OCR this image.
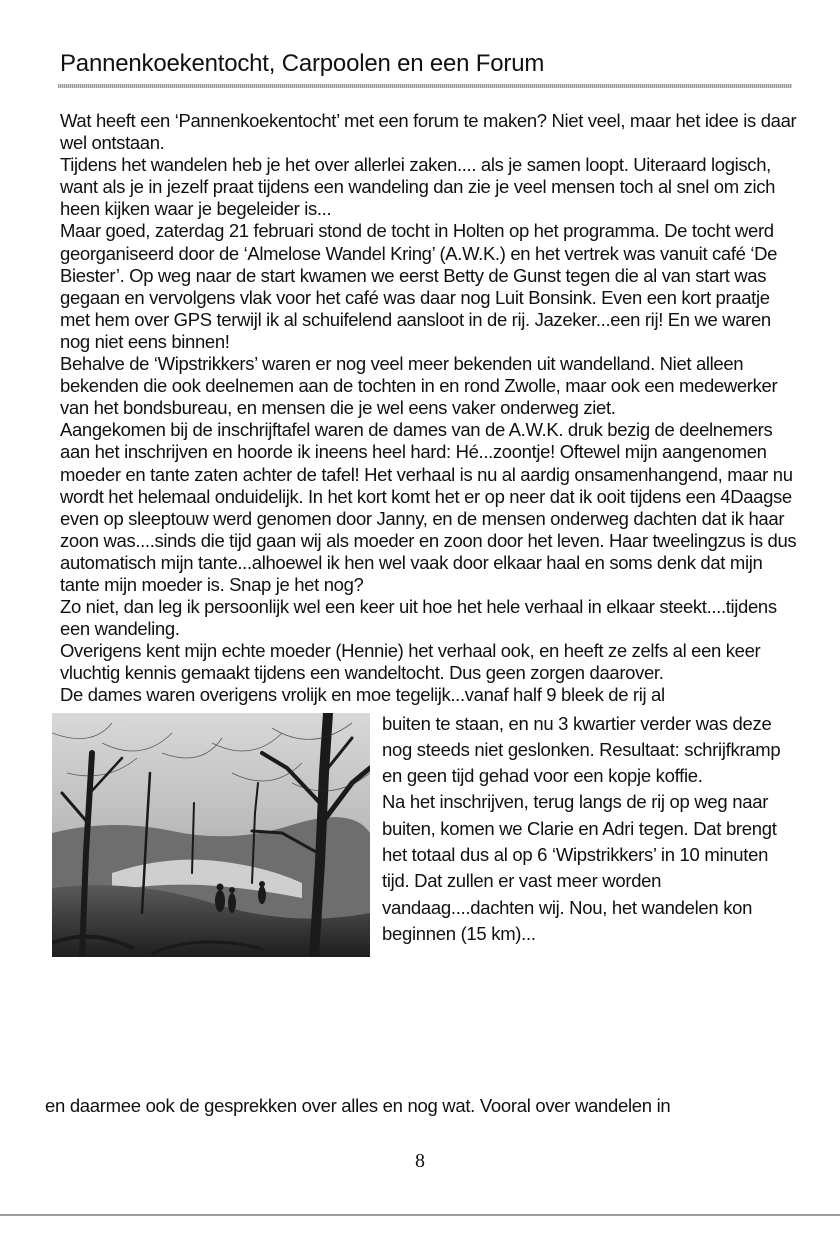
Pannenkoekentocht, Carpoolen en een Forum

Wat heeft een ‘Pannenkoekentocht’ met een forum te maken? Niet veel, maar het idee is daar wel ontstaan.

Tijdens het wandelen heb je het over allerlei zaken.... als je samen loopt. Uiteraard logisch, want als je in jezelf praat tijdens een wandeling dan zie je veel mensen toch al snel om zich heen kijken waar je begeleider is...

Maar goed, zaterdag 21 februari stond de tocht in Holten op het programma. De tocht werd georganiseerd door de ‘Almelose Wandel Kring’ (A.W.K.) en het vertrek was vanuit café ‘De Biester’. Op weg naar de start kwamen we eerst Betty de Gunst tegen die al van start was gegaan en vervolgens vlak voor het café was daar nog Luit Bonsink. Even een kort praatje met hem over GPS terwijl ik al schuifelend aansloot in de rij. Jazeker...een rij! En we waren nog niet eens binnen!

Behalve de ‘Wipstrikkers’ waren er nog veel meer bekenden uit wandelland. Niet alleen bekenden die ook deelnemen aan de tochten in en rond Zwolle, maar ook een medewerker van het bondsbureau, en mensen die je wel eens vaker onderweg ziet.

Aangekomen bij de inschrijftafel waren de dames van de A.W.K. druk bezig de deelnemers aan het inschrijven en hoorde ik ineens heel hard: Hé...zoontje! Oftewel mijn aangenomen moeder en tante zaten achter de tafel! Het verhaal is nu al aardig onsamenhangend, maar nu wordt het helemaal onduidelijk. In het kort komt het er op neer dat ik ooit tijdens een 4Daagse even op sleeptouw werd genomen door Janny, en de mensen onderweg dachten dat ik haar zoon was....sinds die tijd gaan wij als moeder en zoon door het leven. Haar tweelingzus is dus automatisch mijn tante...alhoewel ik hen wel vaak door elkaar haal en soms denk dat mijn tante mijn moeder is. Snap je het nog?

Zo niet, dan leg ik persoonlijk wel een keer uit hoe het hele verhaal in elkaar steekt....tijdens een wandeling.

Overigens kent mijn echte moeder (Hennie) het verhaal ook, en heeft ze zelfs al een keer vluchtig kennis gemaakt tijdens een wandeltocht. Dus geen zorgen daarover.

De dames waren overigens vrolijk en moe tegelijk...vanaf half 9 bleek de rij al

buiten te staan, en nu 3 kwartier verder was deze nog steeds niet geslonken. Resultaat: schrijfkramp en geen tijd gehad voor een kopje koffie.

Na het inschrijven, terug langs de rij op weg naar buiten, komen we Clarie en Adri tegen. Dat brengt het totaal dus al op 6 ‘Wipstrikkers’ in 10 minuten tijd. Dat zullen er vast meer worden vandaag....dachten wij. Nou, het wandelen kon beginnen (15 km)...

en daarmee ook de gesprekken over alles en nog wat. Vooral over wandelen in
8
